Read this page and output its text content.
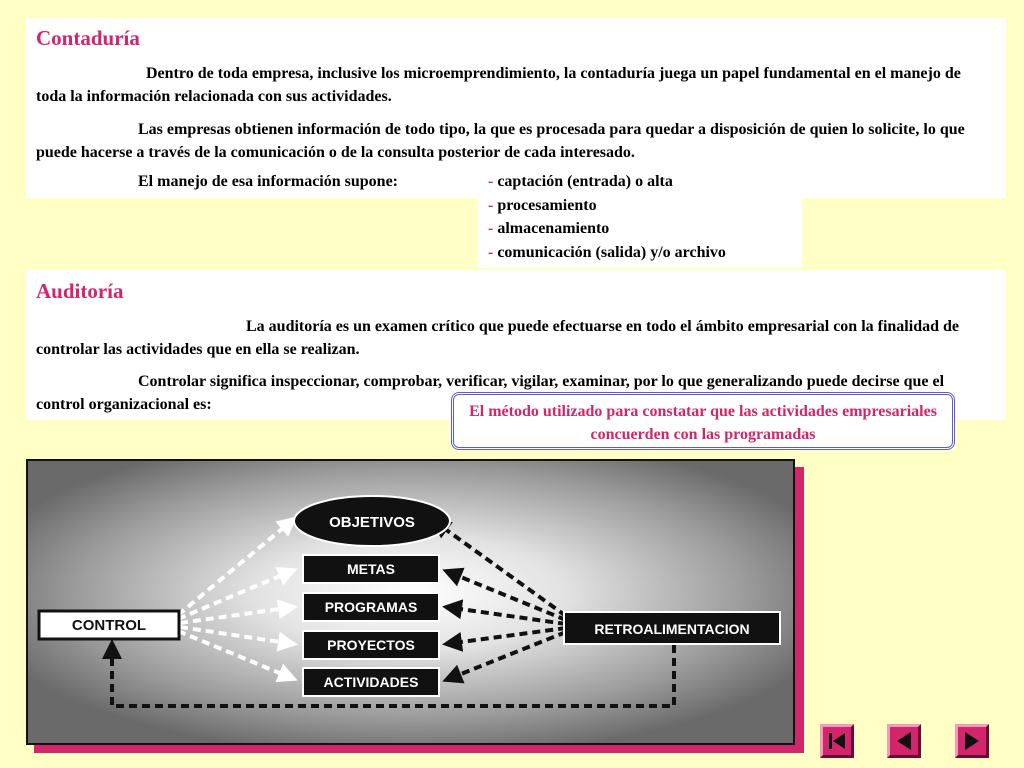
Contaduría

Dentro de toda empresa, inclusive los microemprendimiento, la contaduría juega un papel fundamental en el manejo de toda la información relacionada con sus actividades.

Las empresas obtienen información de todo tipo, la que es procesada para quedar a disposición de quien lo solicite, lo que puede hacerse a través de la comunicación o de la consulta posterior de cada interesado.

El manejo de esa información supone:	- captación (entrada) o alta
- procesamiento
- almacenamiento
- comunicación (salida) y/o archivo
Auditoría

La auditoría es un examen crítico que puede efectuarse en todo el ámbito empresarial con la finalidad de controlar las actividades que en ella se realizan.

Controlar significa inspeccionar, comprobar, verificar, vigilar, examinar, por lo que generalizando puede decirse que el control organizacional es:	El método utilizado para constatar que las actividades empresariales concuerden con las programadas
OBJETIVOS
METAS
PROGRAMAS
PROYECTOS
ACTIVIDADES
CONTROL	RETROALIMENTACION
